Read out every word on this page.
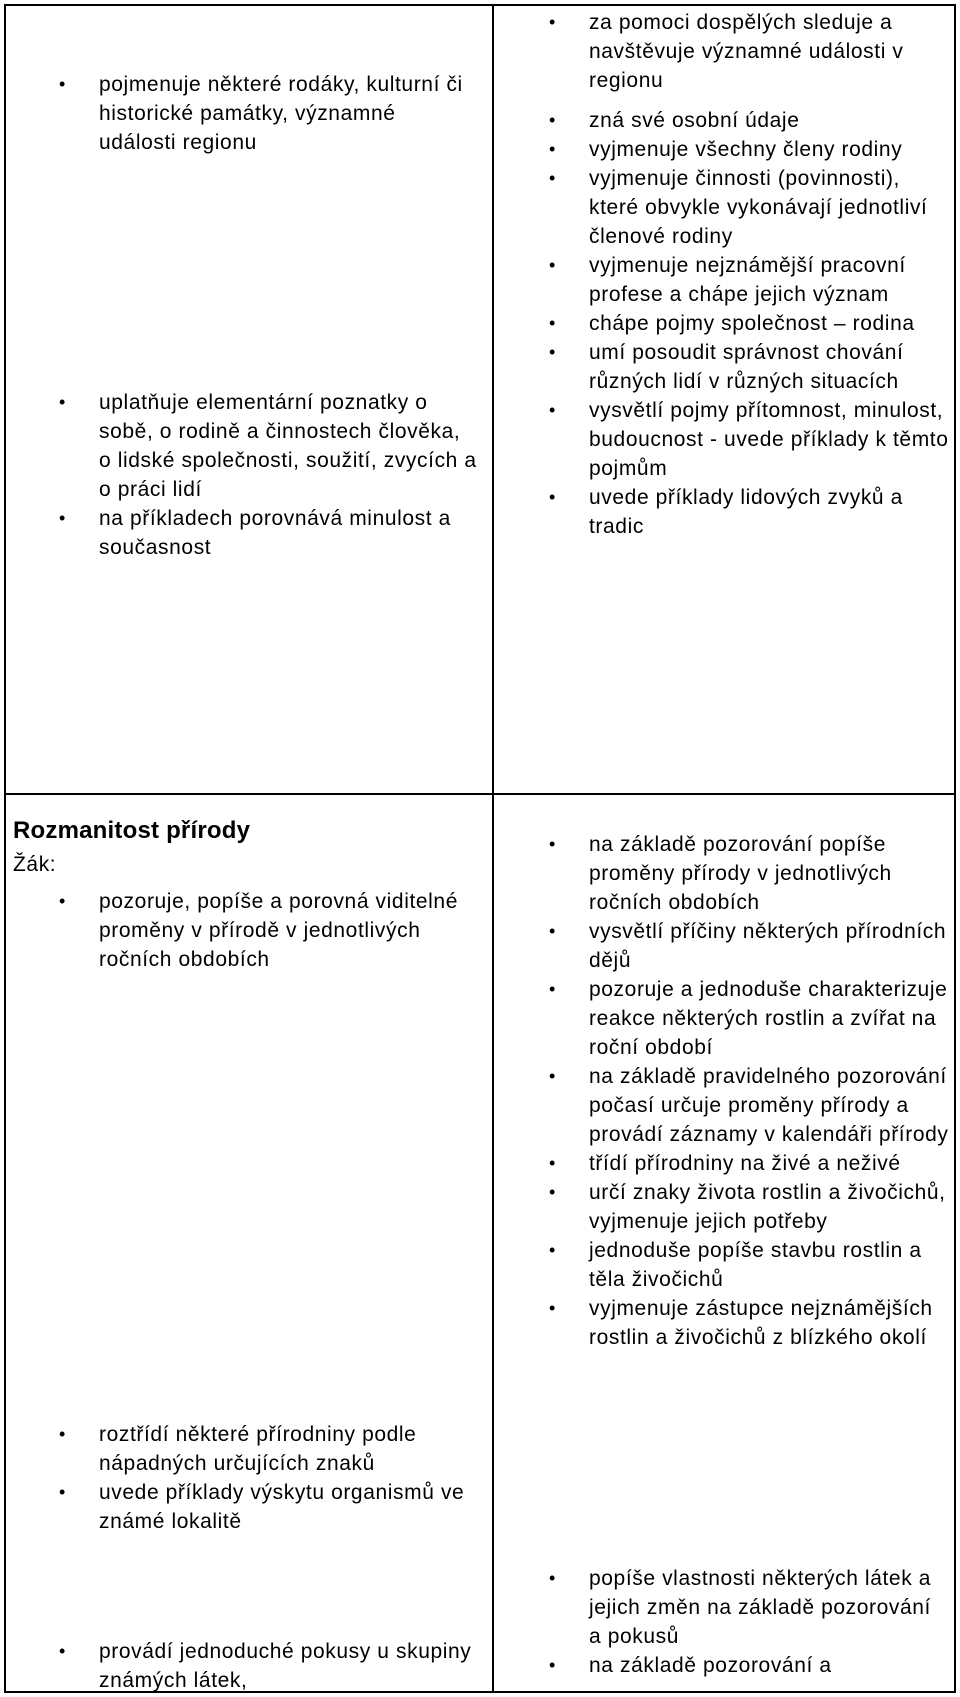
• pojmenuje některé rodáky, kulturní či historické památky, významné události regionu
• uplatňuje elementární poznatky o sobě, o rodině a činnostech člověka, o lidské společnosti, soužití, zvycích a o práci lidí
• na příkladech porovnává minulost a současnost
• za pomoci dospělých sleduje a navštěvuje významné události v regionu
• zná své osobní údaje
• vyjmenuje všechny členy rodiny
• vyjmenuje činnosti (povinnosti), které obvykle vykonávají jednotliví členové rodiny
• vyjmenuje nejznámější pracovní profese a chápe jejich význam
• chápe pojmy společnost – rodina
• umí posoudit správnost chování různých lidí v různých situacích
• vysvětlí pojmy přítomnost, minulost, budoucnost - uvede příklady k těmto pojmům
• uvede příklady lidových zvyků a tradic
Rozmanitost přírody
Žák:
• pozoruje, popíše a porovná viditelné proměny v přírodě v jednotlivých ročních obdobích
• roztřídí některé přírodniny podle nápadných určujících znaků
• uvede příklady výskytu organismů ve známé lokalitě
• provádí jednoduché pokusy u skupiny známých látek,
• na základě pozorování popíše proměny přírody v jednotlivých ročních obdobích
• vysvětlí příčiny některých přírodních dějů
• pozoruje a jednoduše charakterizuje reakce některých rostlin a zvířat na roční období
• na základě pravidelného pozorování počasí určuje proměny přírody a provádí záznamy v kalendáři přírody
• třídí přírodniny na živé a neživé
• určí znaky života rostlin a živočichů, vyjmenuje jejich potřeby
• jednoduše popíše stavbu rostlin a těla živočichů
• vyjmenuje zástupce nejznámějších rostlin a živočichů z blízkého okolí
• popíše vlastnosti některých látek a jejich změn na základě pozorování a pokusů
• na základě pozorování a
